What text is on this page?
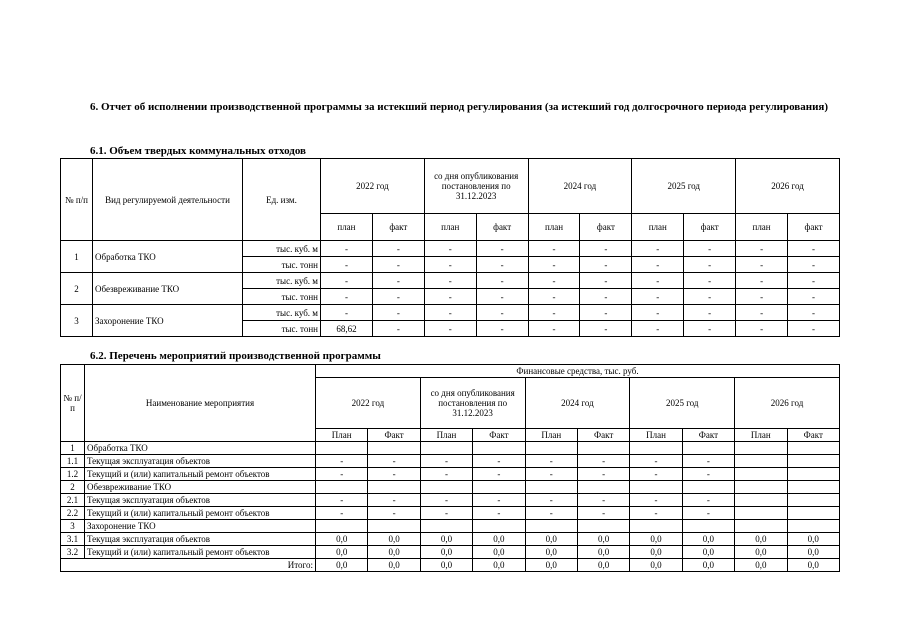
6. Отчет об исполнении производственной программы за истекший период регулирования (за истекший год долгосрочного периода регулирования)
6.1. Объем твердых коммунальных отходов
№ п/п	Вид регулируемой деятельности	Ед. изм.	2022 год		со дня опубликования постановления по 31.12.2023		2024 год		2025 год		2026 год	
			план	факт	план	факт	план	факт	план	факт	план	факт
1	Обработка ТКО	тыс. куб. м	-	-	-	-	-	-	-	-	-	-
		тыс. тонн	-	-	-	-	-	-	-	-	-	-
2	Обезвреживание ТКО	тыс. куб. м	-	-	-	-	-	-	-	-	-	-
		тыс. тонн	-	-	-	-	-	-	-	-	-	-
3	Захоронение ТКО	тыс. куб. м	-	-	-	-	-	-	-	-	-	-
		тыс. тонн	68,62	-	-	-	-	-	-	-	-	-
6.2. Перечень мероприятий производственной программы
№ п/п	Наименование мероприятия	Финансовые средства, тыс. руб.									
		2022 год		со дня опубликования постановления по 31.12.2023		2024 год		2025 год		2026 год	
		План	Факт	План	Факт	План	Факт	План	Факт	План	Факт
1	Обработка ТКО										
1.1	Текущая эксплуатация объектов	-	-	-	-	-	-	-	-		
1.2	Текущий и (или) капитальный ремонт объектов	-	-	-	-	-	-	-	-		
2	Обезвреживание ТКО										
2.1	Текущая эксплуатация объектов	-	-	-	-	-	-	-	-		
2.2	Текущий и (или) капитальный ремонт объектов	-	-	-	-	-	-	-	-		
3	Захоронение ТКО										
3.1	Текущая эксплуатация объектов	0,0	0,0	0,0	0,0	0,0	0,0	0,0	0,0	0,0	0,0
3.2	Текущий и (или) капитальный ремонт объектов	0,0	0,0	0,0	0,0	0,0	0,0	0,0	0,0	0,0	0,0
Итого:		0,0	0,0	0,0	0,0	0,0	0,0	0,0	0,0	0,0	0,0
